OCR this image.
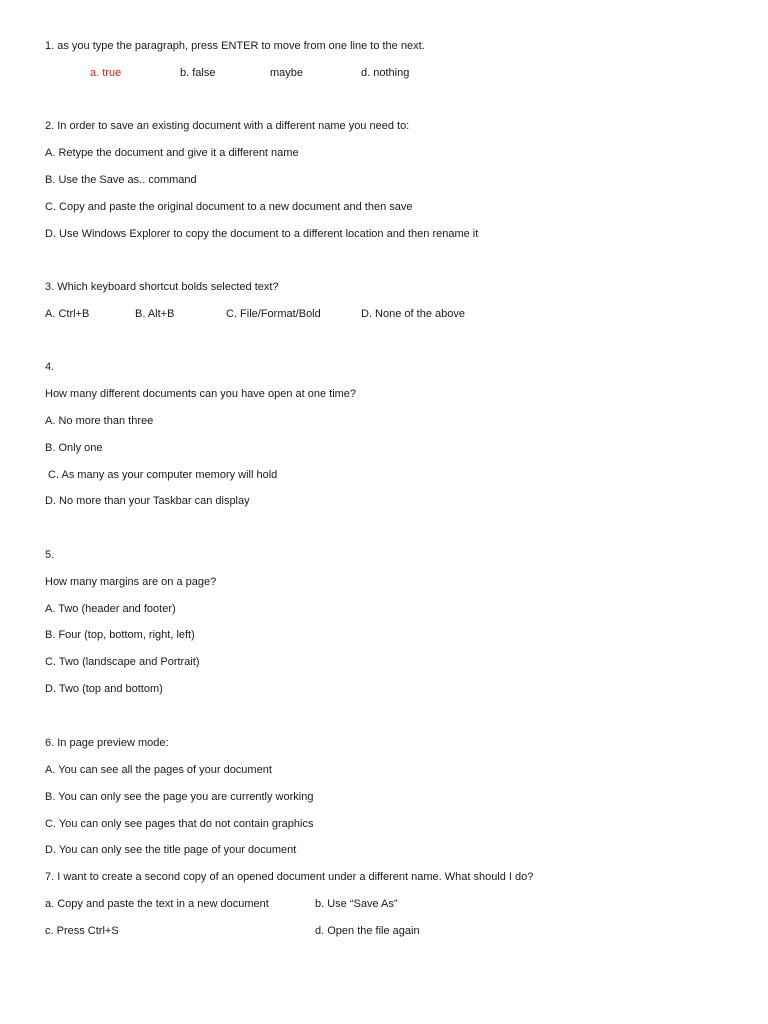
1. as you type the paragraph, press ENTER to move from one line to the next.
a. true	b. false	maybe	d. nothing
2. In order to save an existing document with a different name you need to:
A. Retype the document and give it a different name
B. Use the Save as.. command
C. Copy and paste the original document to a new document and then save
D. Use Windows Explorer to copy the document to a different location and then rename it
3. Which keyboard shortcut bolds selected text?
A. Ctrl+B	B. Alt+B	C. File/Format/Bold	D. None of the above
4.
How many different documents can you have open at one time?
A. No more than three
B. Only one
C. As many as your computer memory will hold
D. No more than your Taskbar can display
5.
How many margins are on a page?
A. Two (header and footer)
B. Four (top, bottom, right, left)
C. Two (landscape and Portrait)
D. Two (top and bottom)
6. In page preview mode:
A. You can see all the pages of your document
B. You can only see the page you are currently working
C. You can only see pages that do not contain graphics
D. You can only see the title page of your document
7. I want to create a second copy of an opened document under a different name. What should I do?
a. Copy and paste the text in a new document	b. Use “Save As”
c. Press Ctrl+S	d. Open the file again
